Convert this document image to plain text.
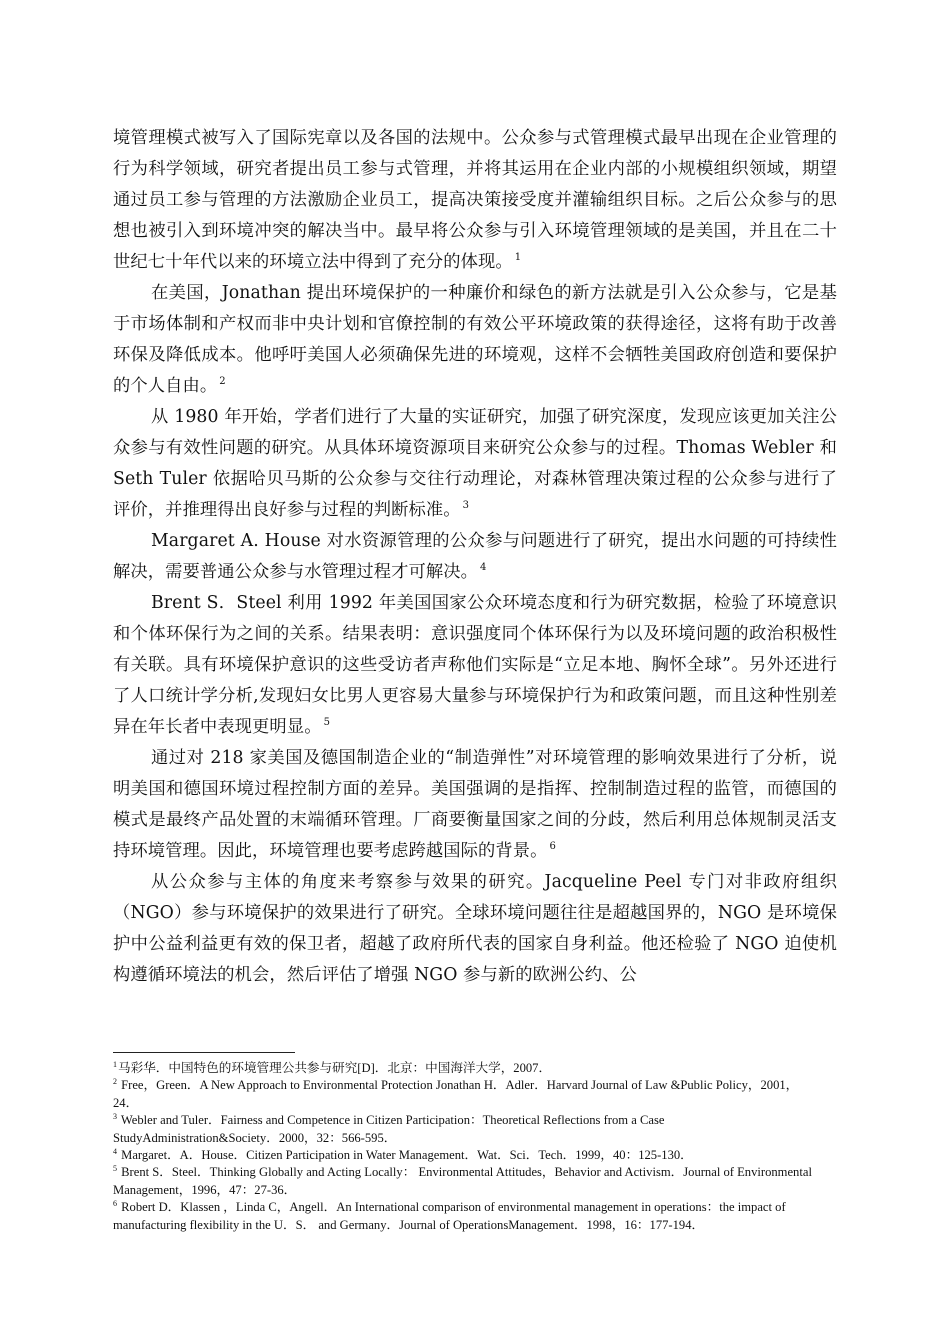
境管理模式被写入了国际宪章以及各国的法规中。公众参与式管理模式最早出现在企业管理的行为科学领域，研究者提出员工参与式管理，并将其运用在企业内部的小规模组织领域，期望通过员工参与管理的方法激励企业员工，提高决策接受度并灌输组织目标。之后公众参与的思想也被引入到环境冲突的解决当中。最早将公众参与引入环境管理领域的是美国，并且在二十世纪七十年代以来的环境立法中得到了充分的体现。 $^1$

在美国，Jonathan 提出环境保护的一种廉价和绿色的新方法就是引入公众参与，它是基于市场体制和产权而非中央计划和官僚控制的有效公平环境政策的获得途径，这将有助于改善环保及降低成本。他呼吁美国人必须确保先进的环境观，这样不会牺牲美国政府创造和要保护的个人自由。 $^2$

从 1980 年开始，学者们进行了大量的实证研究，加强了研究深度，发现应该更加关注公众参与有效性问题的研究。从具体环境资源项目来研究公众参与的过程。Thomas Webler 和 Seth Tuler 依据哈贝马斯的公众参与交往行动理论，对森林管理决策过程的公众参与进行了评价，并推理得出良好参与过程的判断标准。 $^3$

Margaret A. House 对水资源管理的公众参与问题进行了研究，提出水问题的可持续性解决，需要普通公众参与水管理过程才可解决。 $^4$

Brent S．Steel 利用 1992 年美国国家公众环境态度和行为研究数据，检验了环境意识和个体环保行为之间的关系。结果表明：意识强度同个体环保行为以及环境问题的政治积极性有关联。具有环境保护意识的这些受访者声称他们实际是“立足本地、胸怀全球”。另外还进行了人口统计学分析,发现妇女比男人更容易大量参与环境保护行为和政策问题，而且这种性别差异在年长者中表现更明显。 $^5$

通过对 218 家美国及德国制造企业的“制造弹性”对环境管理的影响效果进行了分析，说明美国和德国环境过程控制方面的差异。美国强调的是指挥、控制制造过程的监管，而德国的模式是最终产品处置的末端循环管理。厂商要衡量国家之间的分歧，然后利用总体规制灵活支持环境管理。因此，环境管理也要考虑跨越国际的背景。 $^6$

从公众参与主体的角度来考察参与效果的研究。Jacqueline Peel 专门对非政府组织（NGO）参与环境保护的效果进行了研究。全球环境问题往往是超越国界的，NGO 是环境保护中公益利益更有效的保卫者，超越了政府所代表的国家自身利益。他还检验了 NGO 迫使机构遵循环境法的机会，然后评估了增强 NGO 参与新的欧洲公约、公

$^1$马彩华．中国特色的环境管理公共参与研究[D]．北京：中国海洋大学，2007．

$^2$ Free，Green．A New Approach to Environmental Protection Jonathan H．Adler．Harvard Journal of Law &Public Policy，2001，24．

$^3$ Webler and Tuler．Fairness and Competence in Citizen Participation：Theoretical Reflections from a Case StudyAdministration&Society．2000，32：566-595．

$^4$ Margaret．A．House．Citizen Participation in Water Management．Wat．Sci．Tech．1999，40：125-130．

$^5$ Brent S．Steel．Thinking Globally and Acting Locally： Environmental Attitudes，Behavior and Activism．Journal of Environmental Management，1996，47：27-36．

$^6$ Robert D．Klassen ，Linda C，Angell．An International comparison of environmental management in operations：the impact of manufacturing flexibility in the U．S． and Germany．Journal of OperationsManagement．1998，16：177-194．
